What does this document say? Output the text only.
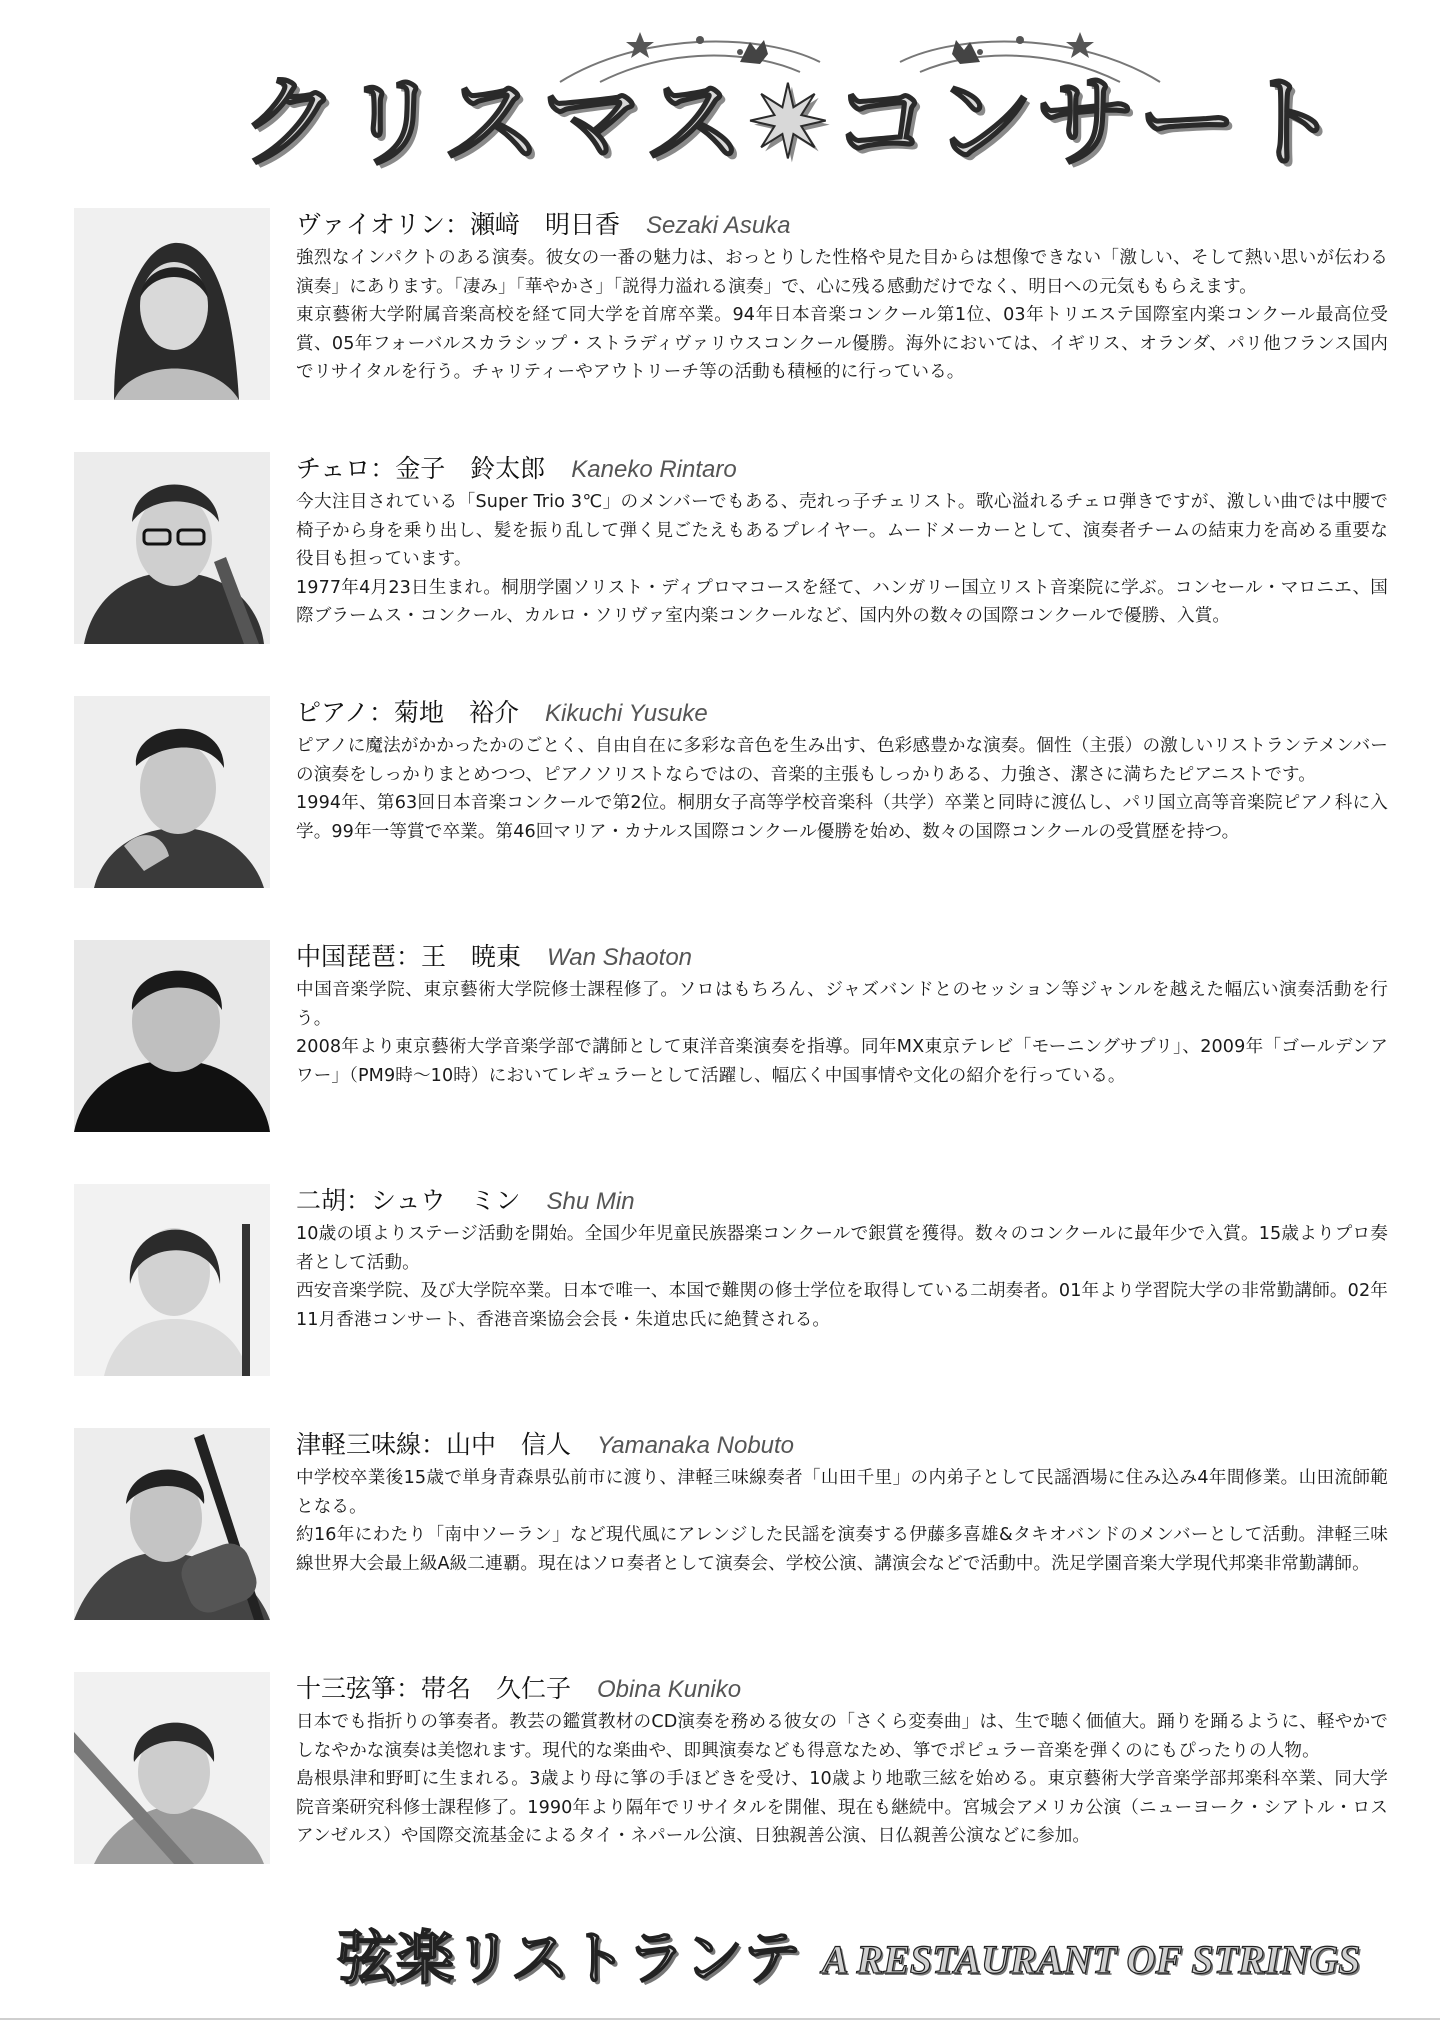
クリスマス✷コンサート
ヴァイオリン：瀬﨑　明日香 Sezaki Asuka

強烈なインパクトのある演奏。彼女の一番の魅力は、おっとりした性格や見た目からは想像できない「激しい、そして熱い思いが伝わる演奏」にあります。「凄み」「華やかさ」「説得力溢れる演奏」で、心に残る感動だけでなく、明日への元気ももらえます。

東京藝術大学附属音楽高校を経て同大学を首席卒業。94年日本音楽コンクール第1位、03年トリエステ国際室内楽コンクール最高位受賞、05年フォーバルスカラシップ・ストラディヴァリウスコンクール優勝。海外においては、イギリス、オランダ、パリ他フランス国内でリサイタルを行う。チャリティーやアウトリーチ等の活動も積極的に行っている。

チェロ：金子　鈴太郎 Kaneko Rintaro

今大注目されている「Super Trio 3℃」のメンバーでもある、売れっ子チェリスト。歌心溢れるチェロ弾きですが、激しい曲では中腰で椅子から身を乗り出し、髪を振り乱して弾く見ごたえもあるプレイヤー。ムードメーカーとして、演奏者チームの結束力を高める重要な役目も担っています。

1977年4月23日生まれ。桐朋学園ソリスト・ディプロマコースを経て、ハンガリー国立リスト音楽院に学ぶ。コンセール・マロニエ、国際ブラームス・コンクール、カルロ・ソリヴァ室内楽コンクールなど、国内外の数々の国際コンクールで優勝、入賞。

ピアノ：菊地　裕介 Kikuchi Yusuke

ピアノに魔法がかかったかのごとく、自由自在に多彩な音色を生み出す、色彩感豊かな演奏。個性（主張）の激しいリストランテメンバーの演奏をしっかりまとめつつ、ピアノソリストならではの、音楽的主張もしっかりある、力強さ、潔さに満ちたピアニストです。

1994年、第63回日本音楽コンクールで第2位。桐朋女子高等学校音楽科（共学）卒業と同時に渡仏し、パリ国立高等音楽院ピアノ科に入学。99年一等賞で卒業。第46回マリア・カナルス国際コンクール優勝を始め、数々の国際コンクールの受賞歴を持つ。

中国琵琶：王　暁東 Wan Shaoton

中国音楽学院、東京藝術大学院修士課程修了。ソロはもちろん、ジャズバンドとのセッション等ジャンルを越えた幅広い演奏活動を行う。

2008年より東京藝術大学音楽学部で講師として東洋音楽演奏を指導。同年MX東京テレビ「モーニングサプリ」、2009年「ゴールデンアワー」（PM9時〜10時）においてレギュラーとして活躍し、幅広く中国事情や文化の紹介を行っている。

二胡：シュウ　ミン Shu Min

10歳の頃よりステージ活動を開始。全国少年児童民族器楽コンクールで銀賞を獲得。数々のコンクールに最年少で入賞。15歳よりプロ奏者として活動。

西安音楽学院、及び大学院卒業。日本で唯一、本国で難関の修士学位を取得している二胡奏者。01年より学習院大学の非常勤講師。02年11月香港コンサート、香港音楽協会会長・朱道忠氏に絶賛される。

津軽三味線：山中　信人 Yamanaka Nobuto

中学校卒業後15歳で単身青森県弘前市に渡り、津軽三味線奏者「山田千里」の内弟子として民謡酒場に住み込み4年間修業。山田流師範となる。

約16年にわたり「南中ソーラン」など現代風にアレンジした民謡を演奏する伊藤多喜雄&タキオバンドのメンバーとして活動。津軽三味線世界大会最上級A級二連覇。現在はソロ奏者として演奏会、学校公演、講演会などで活動中。洗足学園音楽大学現代邦楽非常勤講師。

十三弦箏：帯名　久仁子 Obina Kuniko

日本でも指折りの箏奏者。教芸の鑑賞教材のCD演奏を務める彼女の「さくら変奏曲」は、生で聴く価値大。踊りを踊るように、軽やかでしなやかな演奏は美惚れます。現代的な楽曲や、即興演奏なども得意なため、箏でポピュラー音楽を弾くのにもぴったりの人物。

島根県津和野町に生まれる。3歳より母に箏の手ほどきを受け、10歳より地歌三絃を始める。東京藝術大学音楽学部邦楽科卒業、同大学院音楽研究科修士課程修了。1990年より隔年でリサイタルを開催、現在も継続中。宮城会アメリカ公演（ニューヨーク・シアトル・ロスアンゼルス）や国際交流基金によるタイ・ネパール公演、日独親善公演、日仏親善公演などに参加。

弦楽リストランテ A RESTAURANT OF STRINGS
